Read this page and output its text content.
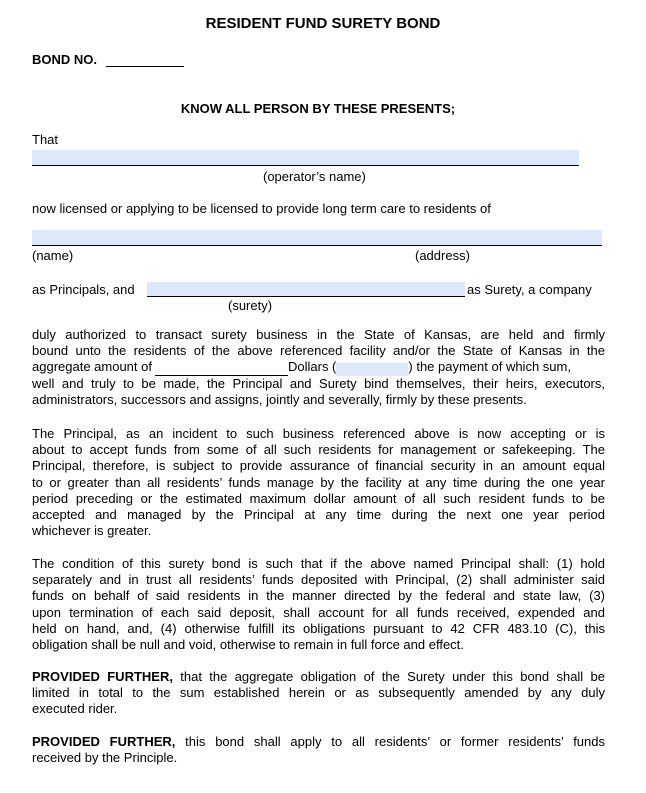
RESIDENT FUND SURETY BOND
BOND NO.
KNOW ALL PERSON BY THESE PRESENTS;
That
(operator’s name)
now licensed or applying to be licensed to provide long term care to residents of
(name)	(address)
as Principals, and	as Surety, a company
(surety)
duly authorized to transact surety business in the State of Kansas, are held and firmly
bound unto the residents of the above referenced facility and/or the State of Kansas in the
aggregate amount of	Dollars (	) the payment of which sum,
well and truly to be made, the Principal and Surety bind themselves, their heirs, executors,
administrators, successors and assigns, jointly and severally, firmly by these presents.
The Principal, as an incident to such business referenced above is now accepting or is
about to accept funds from some of all such residents for management or safekeeping. The
Principal, therefore, is subject to provide assurance of financial security in an amount equal
to or greater than all residents’ funds manage by the facility at any time during the one year
period preceding or the estimated maximum dollar amount of all such resident funds to be
accepted and managed by the Principal at any time during the next one year period
whichever is greater.
The condition of this surety bond is such that if the above named Principal shall: (1) hold
separately and in trust all residents’ funds deposited with Principal, (2) shall administer said
funds on behalf of said residents in the manner directed by the federal and state law, (3)
upon termination of each said deposit, shall account for all funds received, expended and
held on hand, and, (4) otherwise fulfill its obligations pursuant to 42 CFR 483.10 (C), this
obligation shall be null and void, otherwise to remain in full force and effect.
PROVIDED FURTHER, that the aggregate obligation of the Surety under this bond shall be
limited in total to the sum established herein or as subsequently amended by any duly
executed rider.
PROVIDED FURTHER, this bond shall apply to all residents’ or former residents’ funds
received by the Principle.
